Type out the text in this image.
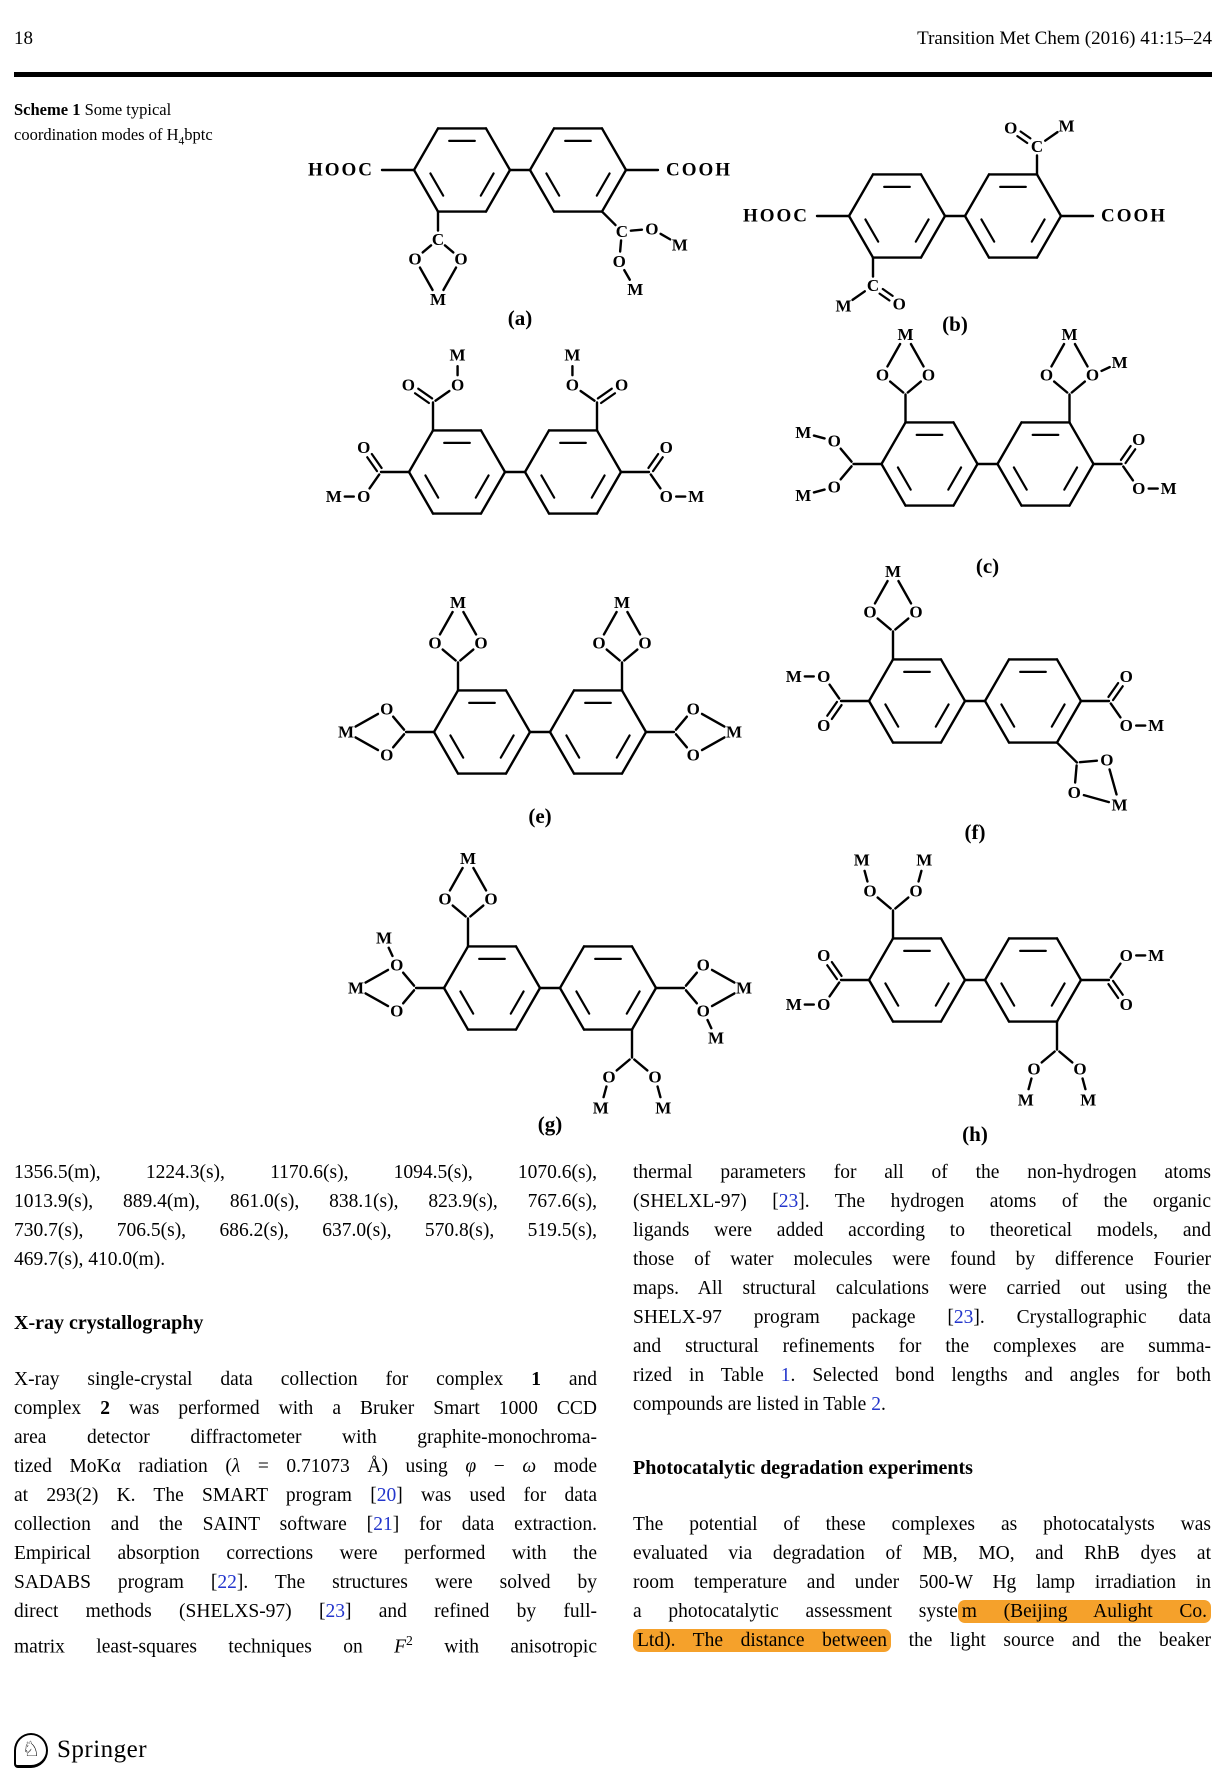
18	Transition Met Chem (2016) 41:15–24
Scheme 1 Some typical
coordination modes of $H_4bptc$
HOOC
C
O
O
M
COOH
C O
O
M
M
(a)
HOOC
C
O
M
COOH
C
O M
(b)
O O
M
O
O
M
O
O
M
O
O M
O O
M
O
O
M
M
O O
M
M
O
O M
(c)
O O
M
O
O
M
O O
M
O
O
M
(e)
O O
M
O
O
M	O
O M
O
O
M
(f)
O O
M
O
O
M
M
O
O
M
M
O
O
M
M
(g)
O O
M	M
O
O
M	O
O M
O
O
M
M
(h)
1356.5(m), 1224.3(s), 1170.6(s), 1094.5(s), 1070.6(s),
1013.9(s), 889.4(m), 861.0(s), 838.1(s), 823.9(s), 767.6(s),
730.7(s), 706.5(s), 686.2(s), 637.0(s), 570.8(s), 519.5(s),
469.7(s), 410.0(m).
X-ray crystallography
X-ray single-crystal data collection for complex 1 and
complex 2 was performed with a Bruker Smart 1000 CCD
area detector diffractometer with graphite-monochroma-
tized MoKα radiation (λ = 0.71073 Å) using φ − ω mode
at 293(2) K. The SMART program [20] was used for data
collection and the SAINT software [21] for data extraction.
Empirical absorption corrections were performed with the
SADABS program [22]. The structures were solved by
direct methods (SHELXS-97) [23] and refined by full-
matrix least-squares techniques on $F^2$ with anisotropic
thermal parameters for all of the non-hydrogen atoms
(SHELXL-97) [23]. The hydrogen atoms of the organic
ligands were added according to theoretical models, and
those of water molecules were found by difference Fourier
maps. All structural calculations were carried out using the
SHELX-97 program package [23]. Crystallographic data
and structural refinements for the complexes are summa-
rized in Table 1. Selected bond lengths and angles for both
compounds are listed in Table 2.
Photocatalytic degradation experiments
The potential of these complexes as photocatalysts was
evaluated via degradation of MB, MO, and RhB dyes at
room temperature and under 500-W Hg lamp irradiation in
a photocatalytic assessment syste m (Beijing Aulight Co.
Ltd). The distance between the light source and the beaker
♘ Springer
